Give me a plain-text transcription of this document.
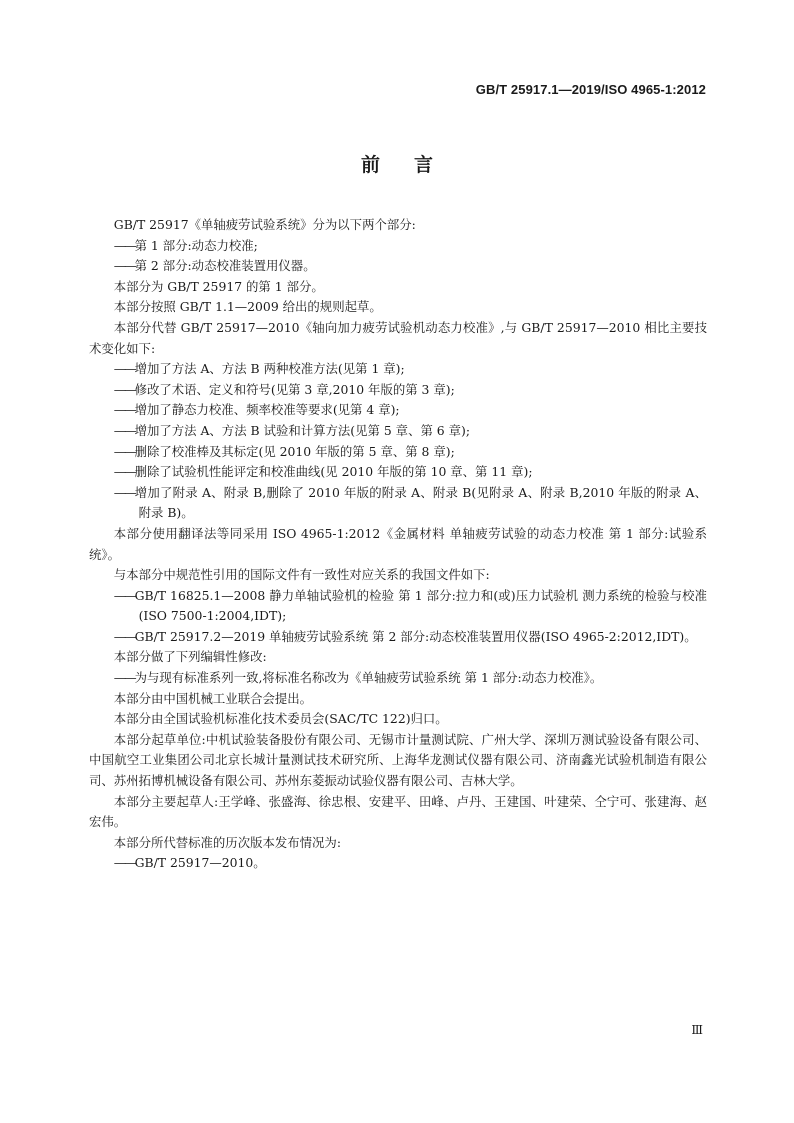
GB/T 25917.1—2019/ISO 4965-1:2012
前言

GB/T 25917《单轴疲劳试验系统》分为以下两个部分:

——第 1 部分:动态力校准;

——第 2 部分:动态校准装置用仪器。

本部分为 GB/T 25917 的第 1 部分。

本部分按照 GB/T 1.1—2009 给出的规则起草。

本部分代替 GB/T 25917—2010《轴向加力疲劳试验机动态力校准》,与 GB/T 25917—2010 相比主要技术变化如下:

——增加了方法 A、方法 B 两种校准方法(见第 1 章);

——修改了术语、定义和符号(见第 3 章,2010 年版的第 3 章);

——增加了静态力校准、频率校准等要求(见第 4 章);

——增加了方法 A、方法 B 试验和计算方法(见第 5 章、第 6 章);

——删除了校准棒及其标定(见 2010 年版的第 5 章、第 8 章);

——删除了试验机性能评定和校准曲线(见 2010 年版的第 10 章、第 11 章);

——增加了附录 A、附录 B,删除了 2010 年版的附录 A、附录 B(见附录 A、附录 B,2010 年版的附录 A、附录 B)。

本部分使用翻译法等同采用 ISO 4965-1:2012《金属材料 单轴疲劳试验的动态力校准 第 1 部分:试验系统》。

与本部分中规范性引用的国际文件有一致性对应关系的我国文件如下:

——GB/T 16825.1—2008 静力单轴试验机的检验 第 1 部分:拉力和(或)压力试验机 测力系统的检验与校准(ISO 7500-1:2004,IDT);

——GB/T 25917.2—2019 单轴疲劳试验系统 第 2 部分:动态校准装置用仪器(ISO 4965-2:2012,IDT)。

本部分做了下列编辑性修改:

——为与现有标准系列一致,将标准名称改为《单轴疲劳试验系统 第 1 部分:动态力校准》。

本部分由中国机械工业联合会提出。

本部分由全国试验机标准化技术委员会(SAC/TC 122)归口。

本部分起草单位:中机试验装备股份有限公司、无锡市计量测试院、广州大学、深圳万测试验设备有限公司、中国航空工业集团公司北京长城计量测试技术研究所、上海华龙测试仪器有限公司、济南鑫光试验机制造有限公司、苏州拓博机械设备有限公司、苏州东菱振动试验仪器有限公司、吉林大学。

本部分主要起草人:王学峰、张盛海、徐忠根、安建平、田峰、卢丹、王建国、叶建荣、仝宁可、张建海、赵宏伟。

本部分所代替标准的历次版本发布情况为:

——GB/T 25917—2010。

Ⅲ
